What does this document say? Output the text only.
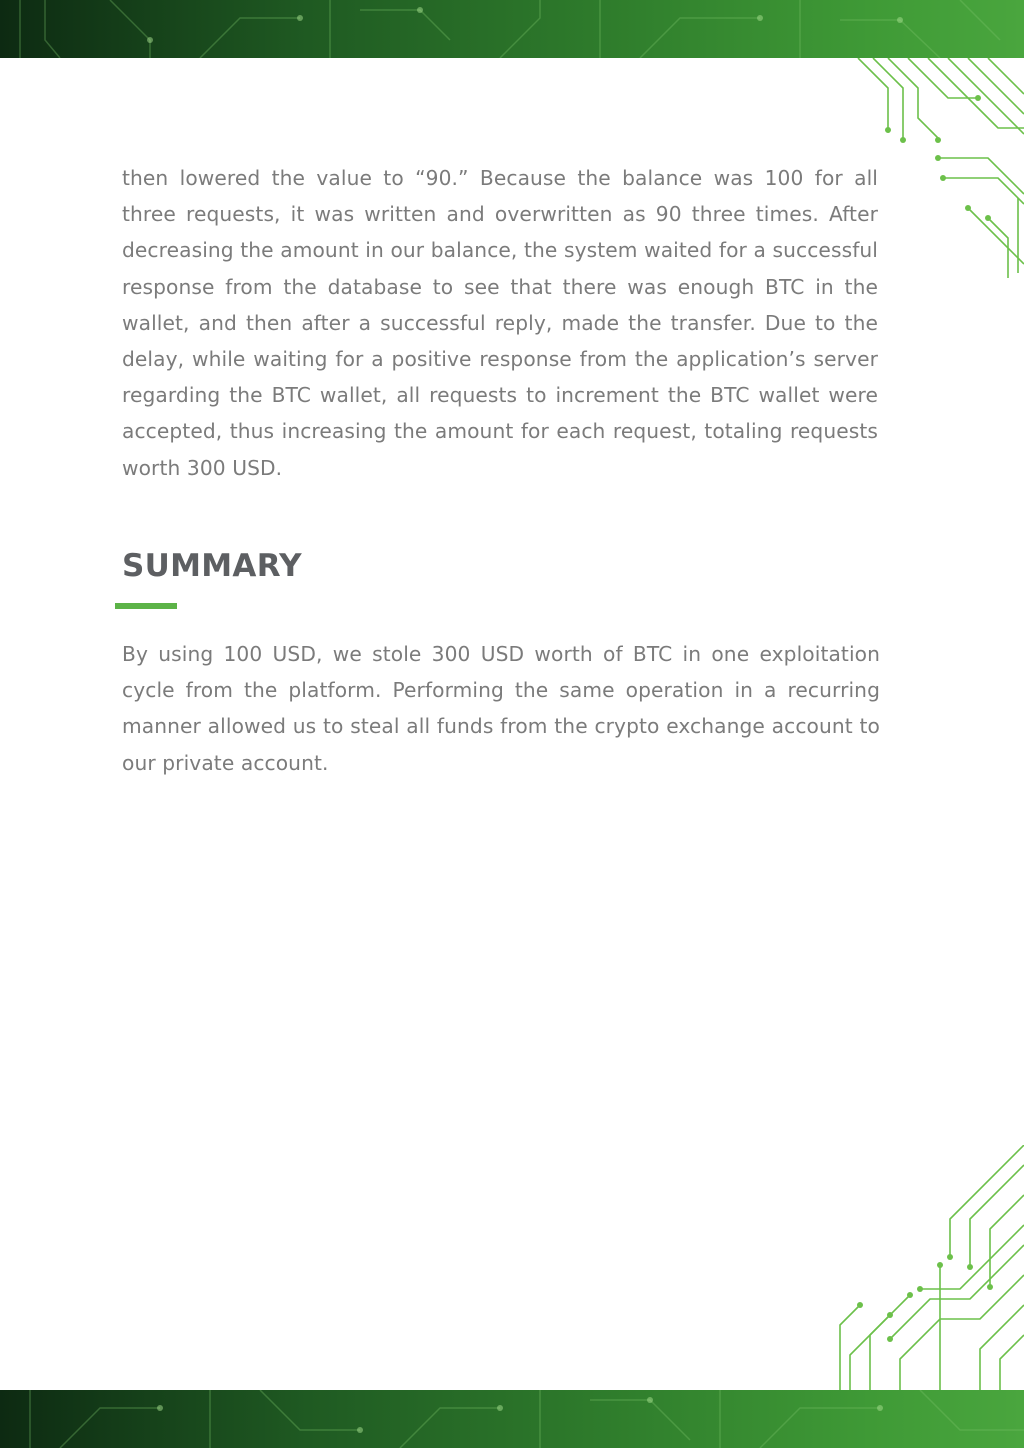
then lowered the value to “90.” Because the balance was 100 for all three requests, it was written and overwritten as 90 three times. After decreasing the amount in our balance, the system waited for a successful response from the database to see that there was enough BTC in the wallet, and then after a successful reply, made the transfer. Due to the delay, while waiting for a positive response from the application’s server regarding the BTC wallet, all requests to increment the BTC wallet were accepted, thus increasing the amount for each request, totaling requests worth 300 USD.

SUMMARY

By using 100 USD, we stole 300 USD worth of BTC in one exploitation cycle from the platform. Performing the same operation in a recurring manner allowed us to steal all funds from the crypto exchange account to our private account.
